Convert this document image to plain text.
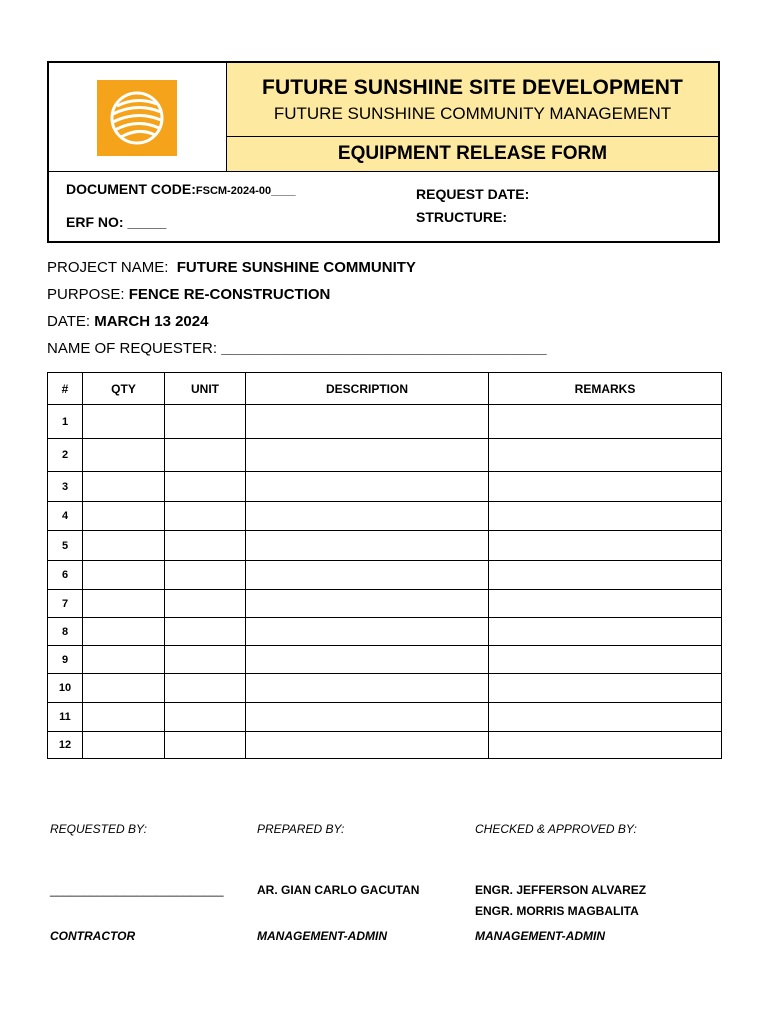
FUTURE SUNSHINE SITE DEVELOPMENT
FUTURE SUNSHINE COMMUNITY MANAGEMENT
EQUIPMENT RELEASE FORM
DOCUMENT CODE:FSCM-2024-00____
ERF NO: _____
REQUEST DATE:
STRUCTURE:
PROJECT NAME: FUTURE SUNSHINE COMMUNITY
PURPOSE: FENCE RE-CONSTRUCTION
DATE: MARCH 13 2024
NAME OF REQUESTER: _______________________________________
#	QTY	UNIT	DESCRIPTION	REMARKS
1				
2				
3				
4				
5				
6				
7				
8				
9				
10				
11				
12				
REQUESTED BY:	PREPARED BY:	CHECKED & APPROVED BY:
__________________________	AR. GIAN CARLO GACUTAN	ENGR. JEFFERSON ALVAREZ
ENGR. MORRIS MAGBALITA
CONTRACTOR	MANAGEMENT-ADMIN	MANAGEMENT-ADMIN
